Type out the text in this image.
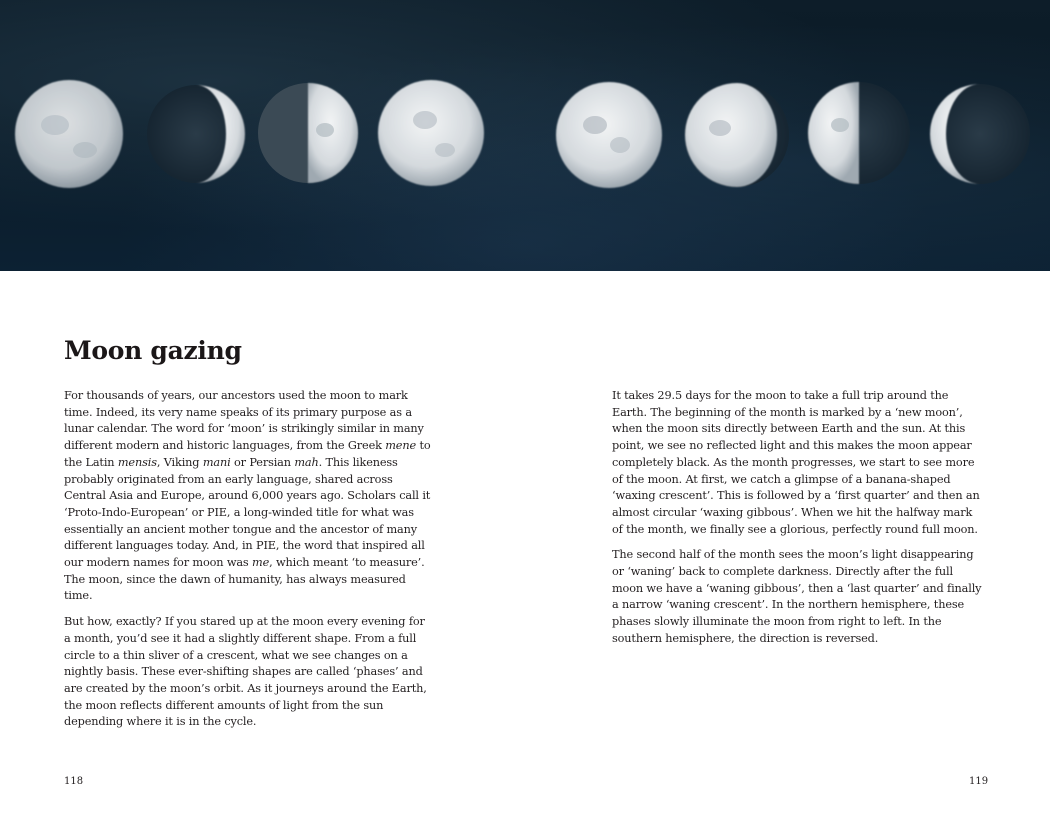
Moon gazing

For thousands of years, our ancestors used the moon to mark time. Indeed, its very name speaks of its primary purpose as a lunar calendar. The word for ‘moon’ is strikingly similar in many different modern and historic languages, from the Greek mene to the Latin mensis, Viking mani or Persian mah. This likeness probably originated from an early language, shared across Central Asia and Europe, around 6,000 years ago. Scholars call it ‘Proto-Indo-European’ or PIE, a long-winded title for what was essentially an ancient mother tongue and the ancestor of many different languages today. And, in PIE, the word that inspired all our modern names for moon was me, which meant ‘to measure’. The moon, since the dawn of humanity, has always measured time.

But how, exactly? If you stared up at the moon every evening for a month, you’d see it had a slightly different shape. From a full circle to a thin sliver of a crescent, what we see changes on a nightly basis. These ever-shifting shapes are called ‘phases’ and are created by the moon’s orbit. As it journeys around the Earth, the moon reflects different amounts of light from the sun depending where it is in the cycle.

It takes 29.5 days for the moon to take a full trip around the Earth. The beginning of the month is marked by a ‘new moon’, when the moon sits directly between Earth and the sun. At this point, we see no reflected light and this makes the moon appear completely black. As the month progresses, we start to see more of the moon. At first, we catch a glimpse of a banana-shaped ‘waxing crescent’. This is followed by a ‘first quarter’ and then an almost circular ‘waxing gibbous’. When we hit the halfway mark of the month, we finally see a glorious, perfectly round full moon.

The second half of the month sees the moon’s light disappearing or ‘waning’ back to complete darkness. Directly after the full moon we have a ‘waning gibbous’, then a ‘last quarter’ and finally a narrow ‘waning crescent’. In the northern hemisphere, these phases slowly illuminate the moon from right to left. In the southern hemisphere, the direction is reversed.

118	119
